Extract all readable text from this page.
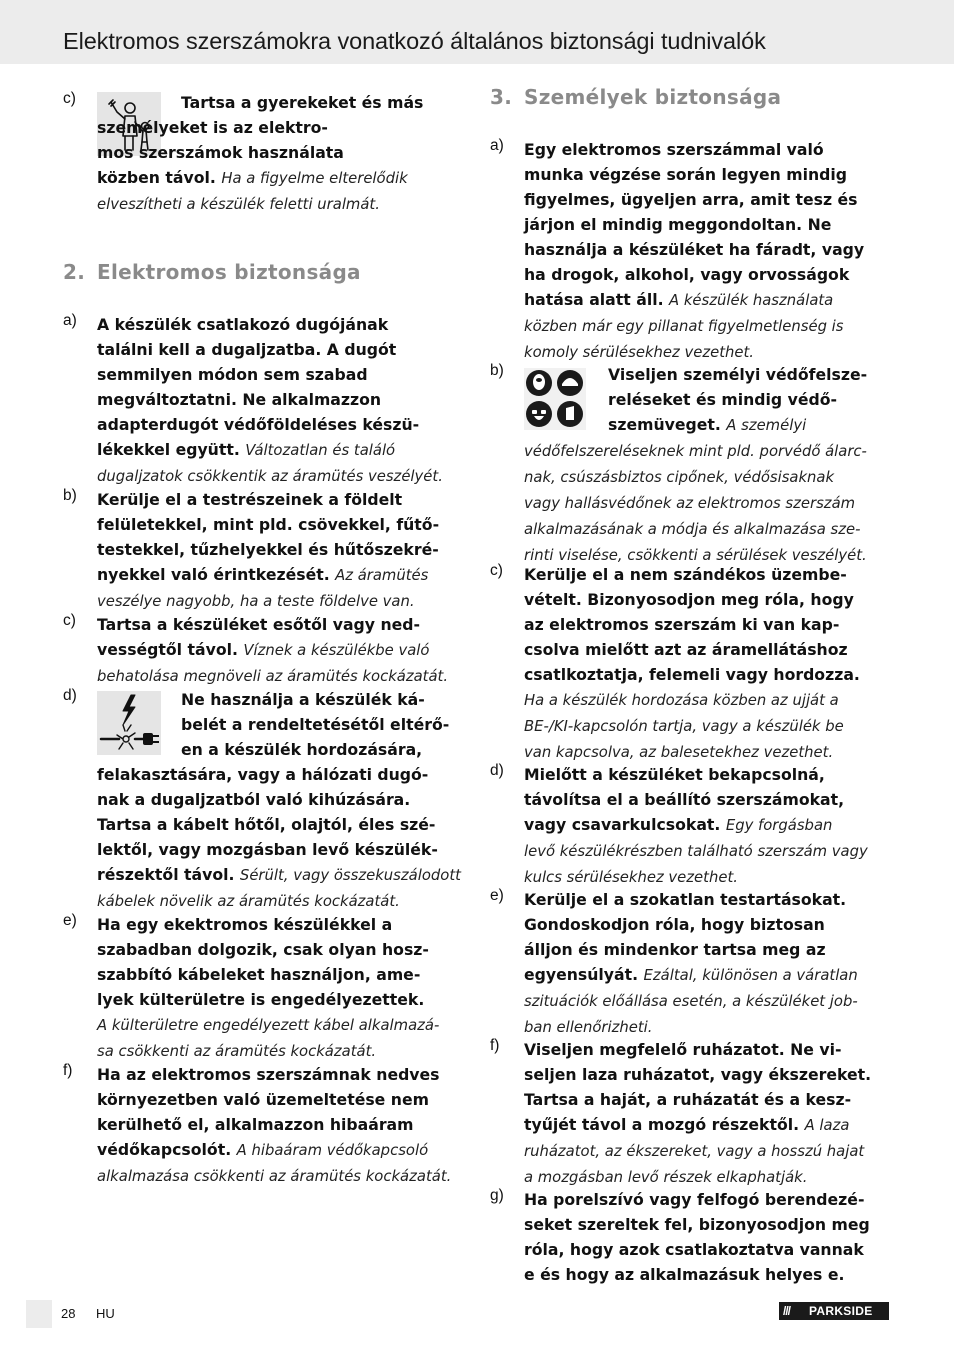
Elektromos szerszámokra vonatkozó általános biztonsági tudnivalók
c)	Tartsa a gyerekeket és más
személyeket is az elektro-
mos szerszámok használata
közben távol. Ha a figyelme elterelődik
elveszítheti a készülék feletti uralmát.
2. Elektromos biztonsága
a) A készülék csatlakozó dugójának
találni kell a dugaljzatba. A dugót
semmilyen módon sem szabad
megváltoztatni. Ne alkalmazzon
adapterdugót védőföldeléses készü-
lékekkel együtt. Változatlan és találó
dugaljzatok csökkentik az áramütés veszélyét.
b) Kerülje el a testrészeinek a földelt
felületekkel, mint pld. csövekkel, fűtő-
testekkel, tűzhelyekkel és hűtőszekré-
nyekkel való érintkezését. Az áramütés
veszélye nagyobb, ha a teste földelve van.
c) Tartsa a készüléket esőtől vagy ned-
vességtől távol. Víznek a készülékbe való
behatolása megnöveli az áramütés kockázatát.
d)	Ne használja a készülék ká-
belét a rendeltetésétől eltérő-
en a készülék hordozására,
felakasztására, vagy a hálózati dugó-
nak a dugaljzatból való kihúzására.
Tartsa a kábelt hőtől, olajtól, éles szé-
lektől, vagy mozgásban levő készülék-
részektől távol. Sérült, vagy összekuszálodott
kábelek növelik az áramütés kockázatát.
e) Ha egy ekektromos készülékkel a
szabadban dolgozik, csak olyan hosz-
szabbító kábeleket használjon, ame-
lyek külterületre is engedélyezettek.
A külterületre engedélyezett kábel alkalmazá-
sa csökkenti az áramütés kockázatát.
f) Ha az elektromos szerszámnak nedves
környezetben való üzemeltetése nem
kerülhető el, alkalmazzon hibaáram
védőkapcsolót. A hibaáram védőkapcsoló
alkalmazása csökkenti az áramütés kockázatát.
3. Személyek biztonsága
a) Egy elektromos szerszámmal való
munka végzése során legyen mindig
figyelmes, ügyeljen arra, amit tesz és
járjon el mindig meggondoltan. Ne
használja a készüléket ha fáradt, vagy
ha drogok, alkohol, vagy orvosságok
hatása alatt áll. A készülék használata
közben már egy pillanat figyelmetlenség is
komoly sérülésekhez vezethet.
b)	Viseljen személyi védőfelsze-
reléseket és mindig védő-
szemüveget. A személyi
védőfelszereléseknek mint pld. porvédő álarc-
nak, csúszásbiztos cipőnek, védősisaknak
vagy hallásvédőnek az elektromos szerszám
alkalmazásának a módja és alkalmazása sze-
rinti viselése, csökkenti a sérülések veszélyét.
c) Kerülje el a nem szándékos üzembe-
vételt. Bizonyosodjon meg róla, hogy
az elektromos szerszám ki van kap-
csolva mielőtt azt az áramellátáshoz
csatlkoztatja, felemeli vagy hordozza.
Ha a készülék hordozása közben az ujját a
BE-/KI-kapcsolón tartja, vagy a készülék be
van kapcsolva, az balesetekhez vezethet.
d) Mielőtt a készüléket bekapcsolná,
távolítsa el a beállító szerszámokat,
vagy csavarkulcsokat. Egy forgásban
levő készülékrészben található szerszám vagy
kulcs sérülésekhez vezethet.
e) Kerülje el a szokatlan testartásokat.
Gondoskodjon róla, hogy biztosan
álljon és mindenkor tartsa meg az
egyensúlyát. Ezáltal, különösen a váratlan
szituációk előállása esetén, a készüléket job-
ban ellenőrizheti.
f) Viseljen megfelelő ruházatot. Ne vi-
seljen laza ruházatot, vagy ékszereket.
Tartsa a haját, a ruházatát és a kesz-
tyűjét távol a mozgó részektől. A laza
ruházatot, az ékszereket, vagy a hosszú hajat
a mozgásban levő részek elkaphatják.
g) Ha porelszívó vagy felfogó berendezé-
seket szereltek fel, bizonyosodjon meg
róla, hogy azok csatlakoztatva vannak
e és hogy az alkalmazásuk helyes e.
28 HU	/// PARKSIDE
